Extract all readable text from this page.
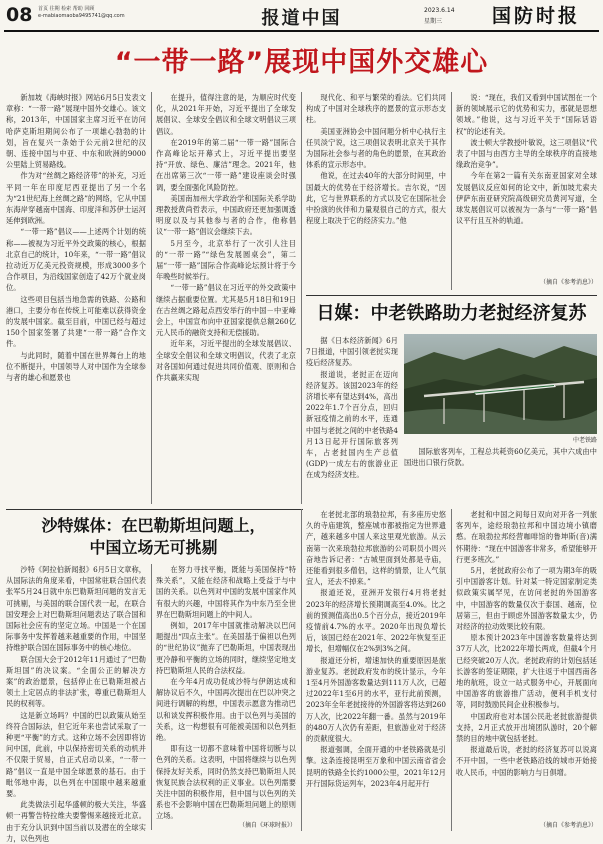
08 首页 往期 检索 帮助 回顾
e-mabiaomaoba9495741@qq.com	报道中国	2023.6.14
星期三	国防时报
“一带一路”展现中国外交雄心

新加坡《海峡时报》网站6月5日发表文章称：“一带一路”展现中国外交雄心。该文称，2013年，中国国家主席习近平在访问哈萨克斯坦期间公布了一项雄心勃勃的计划，旨在复兴一条始于公元前2世纪的汉朝、连接中国与中亚、中东和欧洲的9000公里陆上贸易路线。

作为对“丝绸之路经济带”的补充，习近平同一年在印度尼西亚提出了另一个名为“21世纪海上丝绸之路”的网络，它从中国东海岸穿越南中国海、印度洋和苏伊士运河延伸到欧洲。

“一带一路”倡议——上述两个计划的统称——被视为习近平外交政策的核心，根据北京自己的统计，10年来，“一带一路”倡议拉动近万亿美元投资规模，形成3000多个合作项目，为沿线国家创造了42万个就业岗位。

这些项目包括当地急需的铁路、公路和港口，主要分布在传统上可能难以获得资金的发展中国家。截至目前，中国已经与超过150个国家签署了共建“一带一路”合作文件。

与此同时，随着中国在世界舞台上的地位不断提升，中国领导人对中国作为全球参与者的雄心和愿景也

在提升，值得注意的是，为顺应时代变化，从2021年开始，习近平提出了全球发展倡议、全球安全倡议和全球文明倡议三项倡议。

在2019年的第二届“一带一路”国际合作高峰论坛开幕式上，习近平提出要坚持“开放、绿色、廉洁”理念。2021年，他在出席第三次“一带一路”建设座谈会时强调，要全面强化风险防控。

美国南加州大学政治学和国际关系学助理教授黄尚哲表示，中国政府还更加强调透明度以及与其他参与者的合作，他称倡议“一带一路”倡议会继续下去。

5月至今，北京举行了一次引人注目的“一带一路”“绿色发展圆桌会”，第二届“一带一路”国际合作高峰论坛预计将于今年晚些时候举行。

“一带一路”倡议在习近平的外交政策中继续占据重要位置。尤其是5月18日和19日在古丝绸之路起点西安举行的中国－中亚峰会上，中国宣布向中亚国家提供总额260亿元人民币的融资支持和无偿援助。

近年来，习近平提出的全球发展倡议、全球安全倡议和全球文明倡议，代表了北京对各国如何通过促进共同价值观、原则和合作共赢来实现

现代化、和平与繁荣的看法。它们共同构成了中国对全球秩序的愿景的宣示形态支柱。

美国亚洲协会中国问题分析中心执行主任贝淡宁说，这三项倡议表明北京关于其作为国际社会参与者的角色的愿景，在其政治体系的宣示形态中。

他说，在过去40年的大部分时间里，中国最大的优势在于经济增长。吉尔说，“因此，它与世界联系的方式以及它在国际社会中扮演的伙伴和力量观很自己的方式，很大程度上取决于它的经济实力。”他

说：“现在，我们又看到中国试图在一个新的领域展示它的优势和实力，那就是思想领域。”他说，这与习近平关于“国际话语权”的论述有关。

波士顿大学教授叶敏说，这三项倡议“代表了中国与由西方主导的全球秩序的直接地缘政治竞争”。

今年在第2一篇有关东南亚国家对全球发展倡议反应如何的论文中，新加坡尤索夫伊萨东南亚研究院高级研究员黄河写道，全球发展倡议可以被视为一条与“一带一路”倡议平行且互补的轨道。

（摘自《参考消息》）
日媒：中老铁路助力老挝经济复苏

据《日本经济新闻》6月7日报道，中国引领老挝实现疫后经济复苏。

报道说，老挝正在迈向经济复苏。该国2023年的经济增长率有望达到4%，高出2022年1.7个百分点，回归新冠疫情之前的水平，连通中国与老挝之间的中老铁路4月13日起开行国际旅客列车，占老挝国内生产总值(GDP)一成左右的旅游业正在成为经济支柱。

中老铁路

国际旅客列车，工程总共耗资60亿美元，其中六成由中国进出口银行贷款。

沙特媒体：在巴勒斯坦问题上，
中国立场无可挑剔

沙特《阿拉伯新闻报》6月5日文章称，从国际法的角度来看，中国常驻联合国代表张军5月24日就中东巴勒斯坦问题的发言无可挑剔，与美国的联合国代表一起，在联合国安理会上对巴勒斯坦问题表达了联合国和国际社会应有的坚定立场。中国是一个在国际事务中发挥着越来越重要的作用，中国坚持维护联合国在国际事务中的核心地位。

联合国大会于2012年11月通过了“巴勒斯坦国”的决议案。“全面公正的解决方案”的政治愿景，包括停止在已勒斯坦被占领土上定居点的非法扩张，尊重已勒斯坦人民的权利等。

这是新立场吗？中国的巴以政策从始至终符合国际法，但它近年来也尝试采取了一种更“平衡”的方式。这种立场不会因即将访问中国，此前，中以保持密切关系的动机并不仅限于贸易，自正式启动以来，“一带一路”倡议一直是中国全球愿景的基石。由于毗邻地中海，以色列在中国眼中越来越重要。

此类做法引起华盛顿的极大关注，华盛顿一再警告特拉维夫要警惕来越接近北京。由于充分认识到中国当前以及潜在的全球实力，以色列也

在努力寻找平衡，既能与美国保持“特殊关系”，又能在经济和战略上受益于与中国的关系。以色列对中国的发展中国家作风有很大的兴趣，中国将其作为中东乃至全世界在巴勒斯坦问题上的中间人。

例如，2017年中国就推动解决以巴问题提出“四点主张”。在美国基于偏袒以色列的“世纪协议”抛弃了巴勒斯坦，中国表现出更冷静和平衡的立场的同时，继续坚定地支持巴勒斯坦人民的合法权益。

在今年4月成功促成沙特与伊朗达成和解协议后不久，中国再次提出在巴以冲突之间进行调解的构想，中国表示愿意为推动巴以和谈发挥积极作用。由于以色列与美国的关系，这一构想很有可能被美国和以色列拒绝。

即有这一切都不意味着中国将切断与以色列的关系。这表明，中国将继续与以色列保持友好关系，同时仍然支持巴勒斯坦人民恢复民族合法权利的正义事业。以色列需要关注中国的积极作用，但中国与以色列的关系也不会影响中国在巴勒斯坦问题上的原则立场。

（摘自《环球时报》）

在老挝北部的琅勃拉邦，有多座历史悠久的寺庙建筑，整座城市都被指定为世界遗产，越来越多中国人来这里观光旅游。从云南第一次来琅勃拉邦旅游的公司职员小周兴奋地告诉记者：“古城里面到处都是寺庙，还能看到很多僧侣，这样的情景，让人气氛宜人，还去不掉来。”

报道还说，亚洲开发银行4月将老挝2023年的经济增长预期调高至4.0%。比之前的预测值高出0.5个百分点，接近2019年疫情前4.7%的水平。2020年出现负增长后，该国已经在2021年、2022年恢复至正增长，但增幅仅在2%到3%之间。

报道还分析，增速加快的重要原因是旅游业复苏。老挝政府发布的统计显示，今年1至4月外国游客数量达到111万人次，已超过2022年1至6月的水平，亚行此前预测，2023年全年老挝接待的外国游客将达到260万人次，比2022年翻一番。虽然与2019年的480万人次仍有差距，但旅游业对于经济的贡献度很大。

报道强调，全面开通的中老铁路就是引擎。这条连接昆明至万象和中国云南省省会昆明的铁路全长约1000公里，2021年12月开行国际货运列车，2023年4月起开行

老挝和中国之间每日双向对开各一列旅客列车，途经琅勃拉邦和中国边境小镇磨憨。在琅勃拉邦经营咖啡馆的鲁坤斯(音)满怀期待：“现在中国游客非常多，希望能够开行更多班次。”

5月，老挝政府公布了一项为期3年的吸引中国游客计划。针对某一特定国家制定类似政策实属罕见，在访问老挝的外国游客中，中国游客的数量仅次于泰国、越南，位居第三，但由于顾虑外国游客数量太少，仍对经济的拉动效果比较有限。

原本预计2023年中国游客数量将达到37万人次，比2022年增长两成，但截4个月已经突破20万人次。老挝政府的计划包括延长游客的签证期限，扩大往返于中国西南各地的航班，设立一站式服务中心，开展面向中国游客的旅游推广活动，便利手机支付等，同时鼓励民间企业积极参与。

中国政府也对本国公民赴老挝旅游提供支持，2月正式放开出境团队游时，20个解禁的目的地中就包括老挝。

报道最后说，老挝的经济复苏可以说离不开中国，一些中老铁路沿线的城市开始接收人民币，中国的影响力与日俱增。

（摘自《参考消息》）
